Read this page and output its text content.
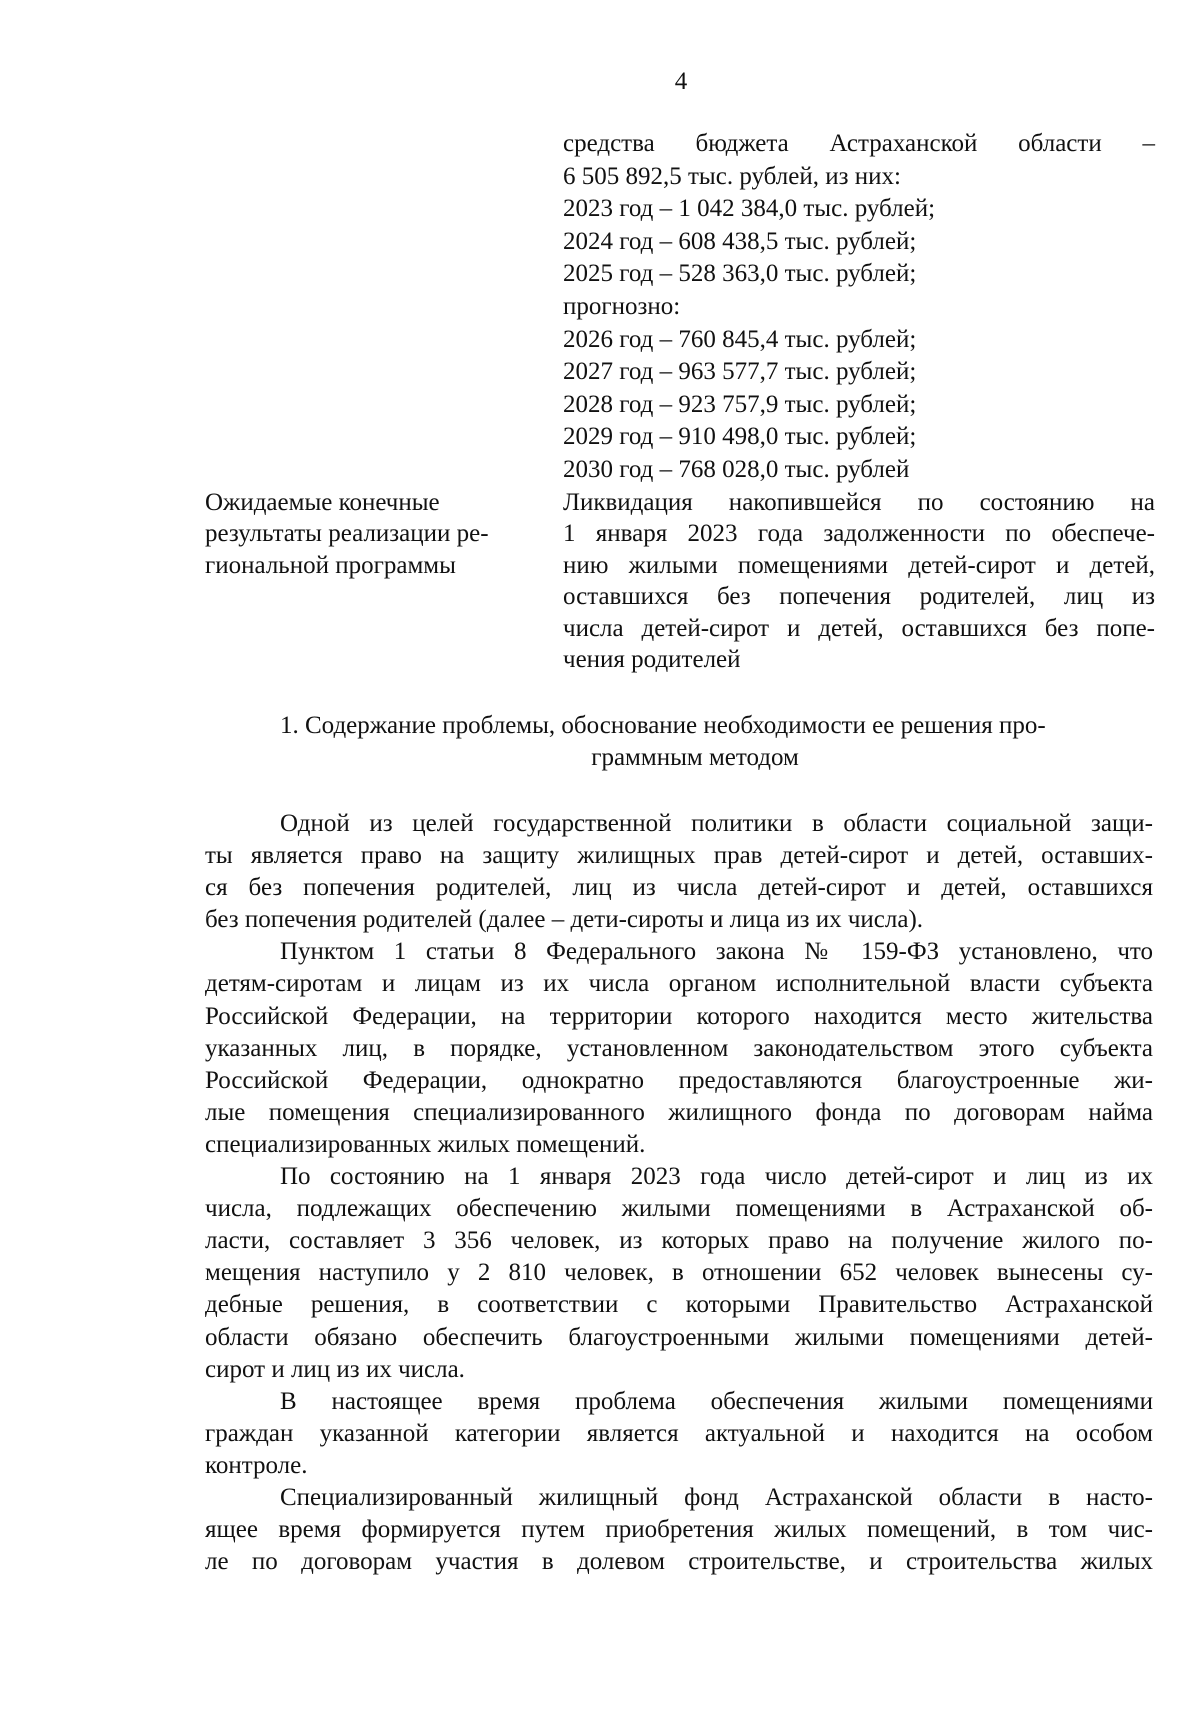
4
средства бюджета Астраханской области –
6 505 892,5 тыс. рублей, из них:
2023 год – 1 042 384,0 тыс. рублей;
2024 год – 608 438,5 тыс. рублей;
2025 год – 528 363,0 тыс. рублей;
прогнозно:
2026 год – 760 845,4 тыс. рублей;
2027 год – 963 577,7 тыс. рублей;
2028 год – 923 757,9 тыс. рублей;
2029 год – 910 498,0 тыс. рублей;
2030 год – 768 028,0 тыс. рублей
Ожидаемые конечные
результаты реализации ре-
гиональной программы
Ликвидация накопившейся по состоянию на
1 января 2023 года задолженности по обеспече-
нию жилыми помещениями детей-сирот и детей,
оставшихся без попечения родителей, лиц из
числа детей-сирот и детей, оставшихся без попе-
чения родителей
1. Содержание проблемы, обоснование необходимости ее решения про-
граммным методом
Одной из целей государственной политики в области социальной защи-
ты является право на защиту жилищных прав детей-сирот и детей, оставших-
ся без попечения родителей, лиц из числа детей-сирот и детей, оставшихся
без попечения родителей (далее – дети-сироты и лица из их числа).
Пунктом 1 статьи 8 Федерального закона № 159-ФЗ установлено, что
детям-сиротам и лицам из их числа органом исполнительной власти субъекта
Российской Федерации, на территории которого находится место жительства
указанных лиц, в порядке, установленном законодательством этого субъекта
Российской Федерации, однократно предоставляются благоустроенные жи-
лые помещения специализированного жилищного фонда по договорам найма
специализированных жилых помещений.
По состоянию на 1 января 2023 года число детей-сирот и лиц из их
числа, подлежащих обеспечению жилыми помещениями в Астраханской об-
ласти, составляет 3 356 человек, из которых право на получение жилого по-
мещения наступило у 2 810 человек, в отношении 652 человек вынесены су-
дебные решения, в соответствии с которыми Правительство Астраханской
области обязано обеспечить благоустроенными жилыми помещениями детей-
сирот и лиц из их числа.
В настоящее время проблема обеспечения жилыми помещениями
граждан указанной категории является актуальной и находится на особом
контроле.
Специализированный жилищный фонд Астраханской области в насто-
ящее время формируется путем приобретения жилых помещений, в том чис-
ле по договорам участия в долевом строительстве, и строительства жилых
